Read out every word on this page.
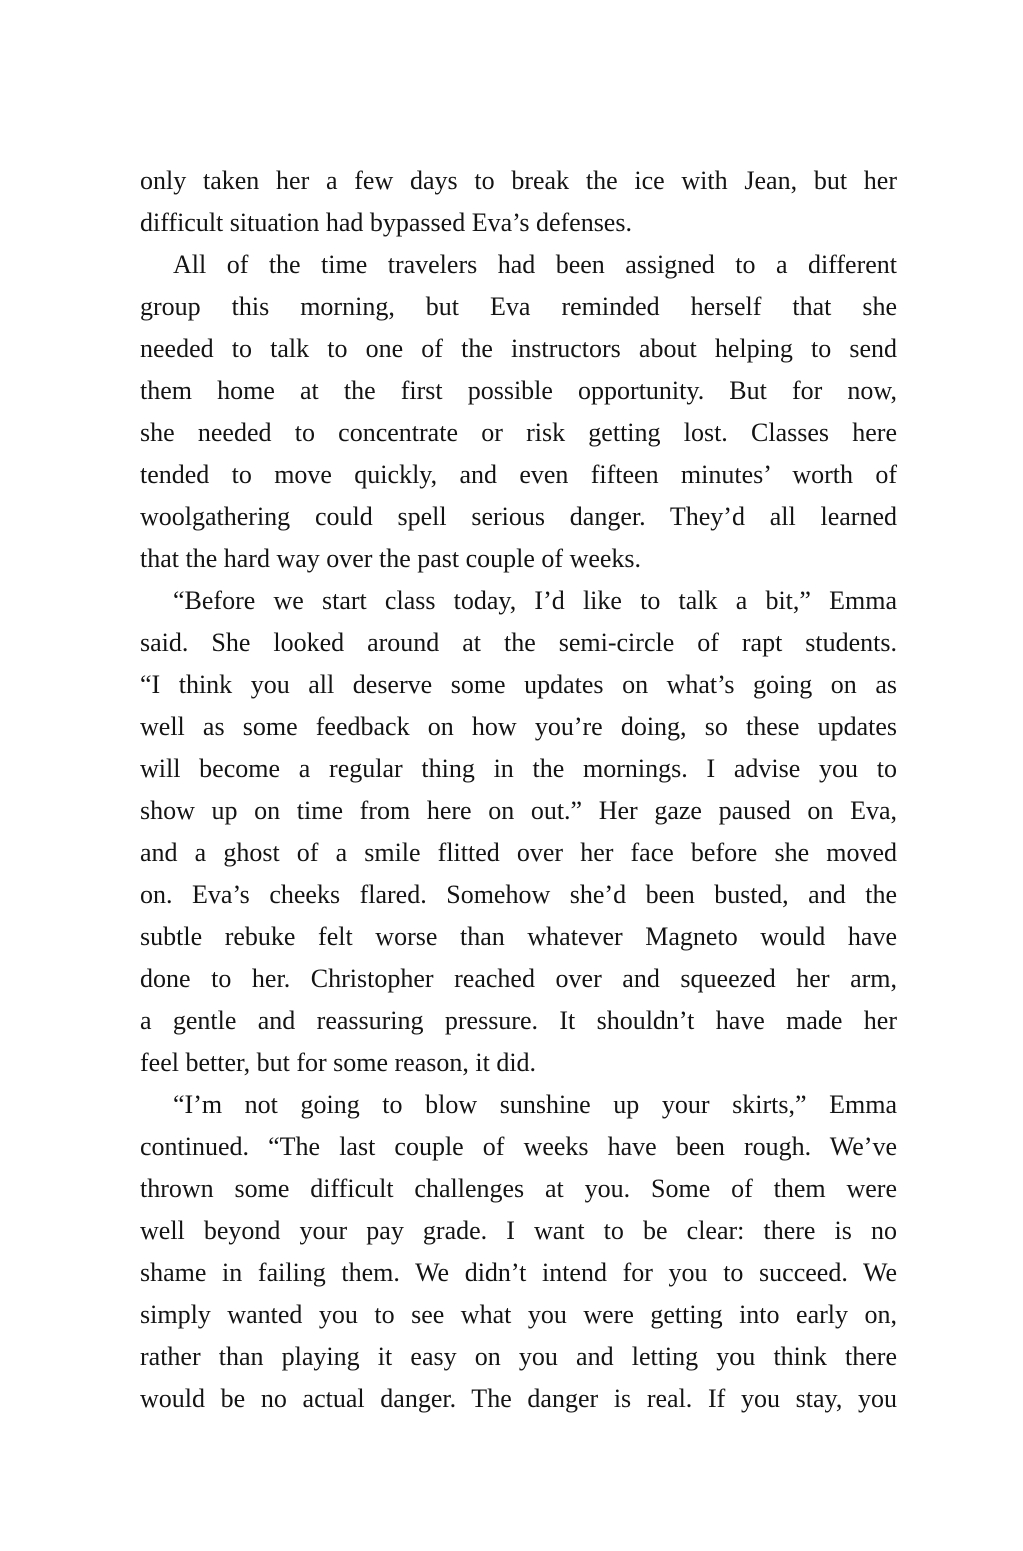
only taken her a few days to break the ice with Jean, but her
difficult situation had bypassed Eva’s defenses.
All of the time travelers had been assigned to a different
group this morning, but Eva reminded herself that she
needed to talk to one of the instructors about helping to send
them home at the first possible opportunity. But for now,
she needed to concentrate or risk getting lost. Classes here
tended to move quickly, and even fifteen minutes’ worth of
woolgathering could spell serious danger. They’d all learned
that the hard way over the past couple of weeks.
“Before we start class today, I’d like to talk a bit,” Emma
said. She looked around at the semi-circle of rapt students.
“I think you all deserve some updates on what’s going on as
well as some feedback on how you’re doing, so these updates
will become a regular thing in the mornings. I advise you to
show up on time from here on out.” Her gaze paused on Eva,
and a ghost of a smile flitted over her face before she moved
on. Eva’s cheeks flared. Somehow she’d been busted, and the
subtle rebuke felt worse than whatever Magneto would have
done to her. Christopher reached over and squeezed her arm,
a gentle and reassuring pressure. It shouldn’t have made her
feel better, but for some reason, it did.
“I’m not going to blow sunshine up your skirts,” Emma
continued. “The last couple of weeks have been rough. We’ve
thrown some difficult challenges at you. Some of them were
well beyond your pay grade. I want to be clear: there is no
shame in failing them. We didn’t intend for you to succeed. We
simply wanted you to see what you were getting into early on,
rather than playing it easy on you and letting you think there
would be no actual danger. The danger is real. If you stay, you
